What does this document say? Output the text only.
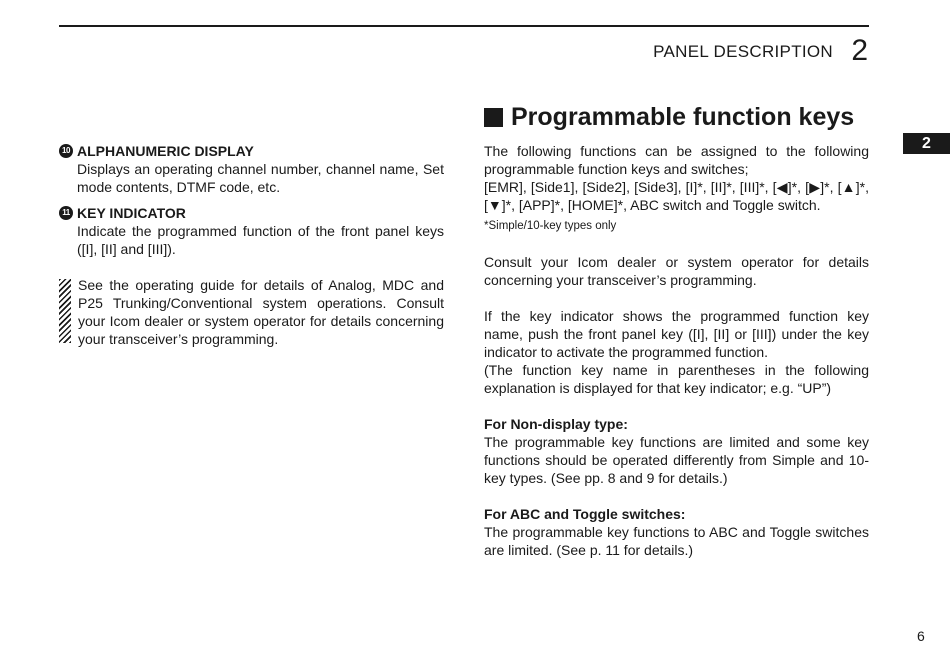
PANEL DESCRIPTION 2
2
10 ALPHANUMERIC DISPLAY
Displays an operating channel number, channel name, Set mode contents, DTMF code, etc.
11 KEY INDICATOR
Indicate the programmed function of the front panel keys ([I], [II] and [III]).
See the operating guide for details of Analog, MDC and P25 Trunking/Conventional system operations. Consult your Icom dealer or system operator for details concerning your transceiver’s programming.
Programmable function keys

The following functions can be assigned to the following programmable function keys and switches;

[EMR], [Side1], [Side2], [Side3], [I]*, [II]*, [III]*, [◀]*, [▶]*, [▲]*, [▼]*, [APP]*, [HOME]*, ABC switch and Toggle switch.

*Simple/10-key types only

Consult your Icom dealer or system operator for details concerning your transceiver’s programming.

If the key indicator shows the programmed function key name, push the front panel key ([I], [II] or [III]) under the key indicator to activate the programmed function.

(The function key name in parentheses in the following explanation is displayed for that key indicator; e.g. “UP”)

For Non-display type:

The programmable key functions are limited and some key functions should be operated differently from Simple and 10-key types. (See pp. 8 and 9 for details.)

For ABC and Toggle switches:

The programmable key functions to ABC and Toggle switches are limited. (See p. 11 for details.)

6
